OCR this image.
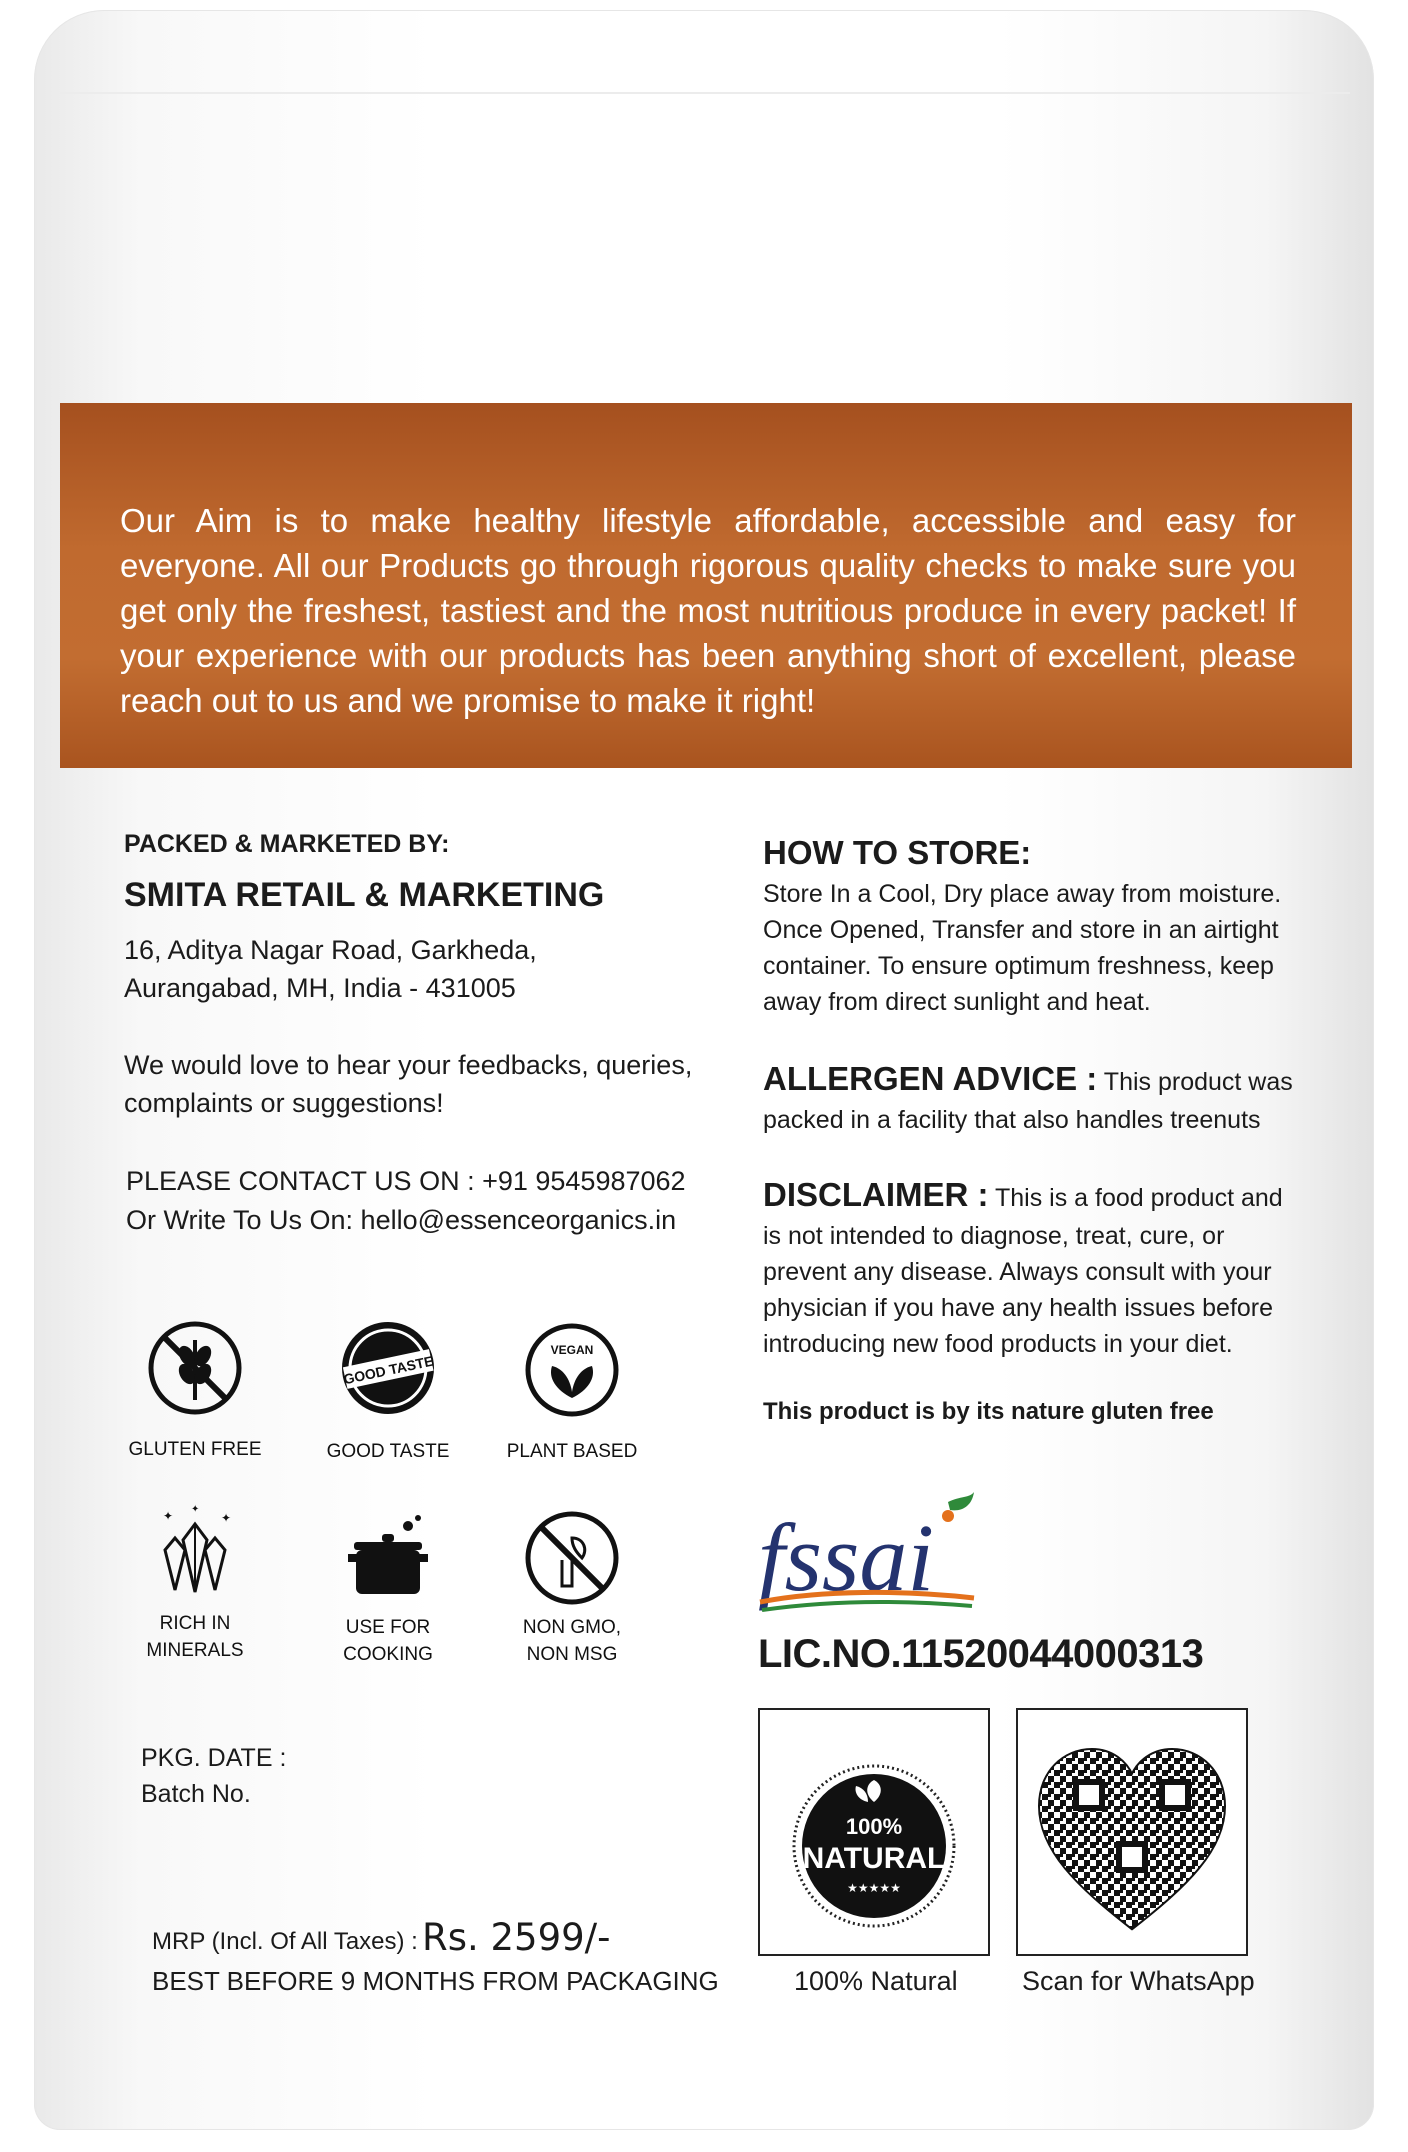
Our Aim is to make healthy lifestyle affordable, accessible and easy for everyone. All our Products go through rigorous quality checks to make sure you get only the freshest, tastiest and the most nutritious produce in every packet! If your experience with our products has been anything short of excellent, please reach out to us and we promise to make it right!
PACKED & MARKETED BY:
SMITA RETAIL & MARKETING
16, Aditya Nagar Road, Garkheda,
Aurangabad, MH, India - 431005
We would love to hear your feedbacks, queries,
complaints or suggestions!
PLEASE CONTACT US ON : +91 9545987062
Or Write To Us On: hello@essenceorganics.in
GLUTEN FREE
GOOD TASTE
GOOD TASTE
VEGAN
PLANT BASED
✦	✦
✦
RICH IN
MINERALS
USE FOR
COOKING
NON GMO,
NON MSG
PKG. DATE :
Batch No.
MRP (Incl. Of All Taxes) : Rs. 2599/-
BEST BEFORE 9 MONTHS FROM PACKAGING
HOW TO STORE:
Store In a Cool, Dry place away from moisture.
Once Opened, Transfer and store in an airtight
container. To ensure optimum freshness, keep
away from direct sunlight and heat.
ALLERGEN ADVICE : This product was
packed in a facility that also handles treenuts
DISCLAIMER : This is a food product and
is not intended to diagnose, treat, cure, or
prevent any disease. Always consult with your
physician if you have any health issues before
introducing new food products in your diet.
This product is by its nature gluten free
fssai
LIC.NO.11520044000313
100%
NATURAL
★★★★★
100% Natural Scan for WhatsApp
